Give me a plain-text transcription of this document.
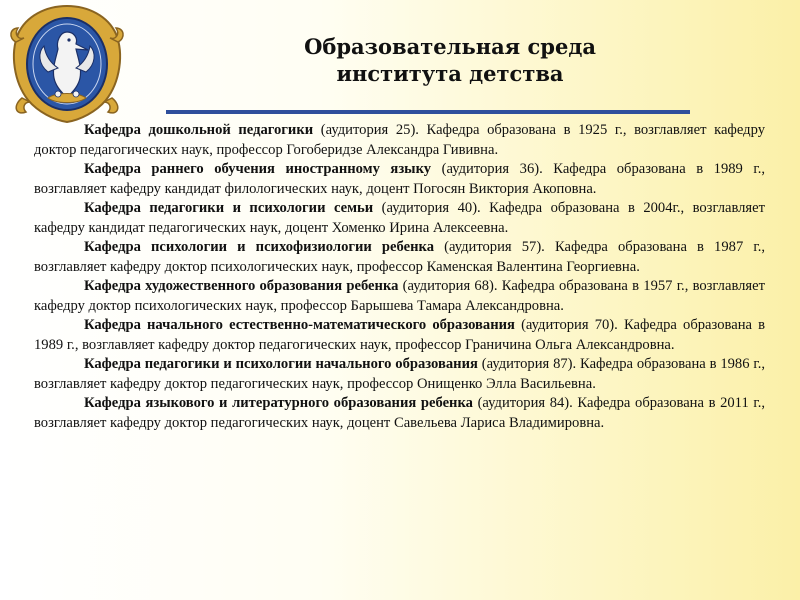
Образовательная среда
института детства

Кафедра дошкольной педагогики (аудитория 25). Кафедра образована в 1925 г., возглавляет кафедру доктор педагогических наук, профессор Гогоберидзе Александра Гививна.

Кафедра раннего обучения иностранному языку (аудитория 36). Кафедра образована в 1989 г., возглавляет кафедру кандидат филологических наук, доцент Погосян Виктория Акоповна.

Кафедра педагогики и психологии семьи (аудитория 40). Кафедра образована в 2004г., возглавляет кафедру кандидат педагогических наук, доцент Хоменко Ирина Алексеевна.

Кафедра психологии и психофизиологии ребенка (аудитория 57). Кафедра образована в 1987 г., возглавляет кафедру доктор психологических наук, профессор Каменская Валентина Георгиевна.

Кафедра художественного образования ребенка (аудитория 68). Кафедра образована в 1957 г., возглавляет кафедру доктор психологических наук, профессор Барышева Тамара Александровна.

Кафедра начального естественно-математического образования (аудитория 70). Кафедра образована в 1989 г., возглавляет кафедру доктор педагогических наук, профессор Граничина Ольга Александровна.

Кафедра педагогики и психологии начального образования (аудитория 87). Кафедра образована в 1986 г., возглавляет кафедру доктор педагогических наук, профессор Онищенко Элла Васильевна.

Кафедра языкового и литературного образования ребенка (аудитория 84). Кафедра образована в 2011 г., возглавляет кафедру доктор педагогических наук, доцент Савельева Лариса Владимировна.
